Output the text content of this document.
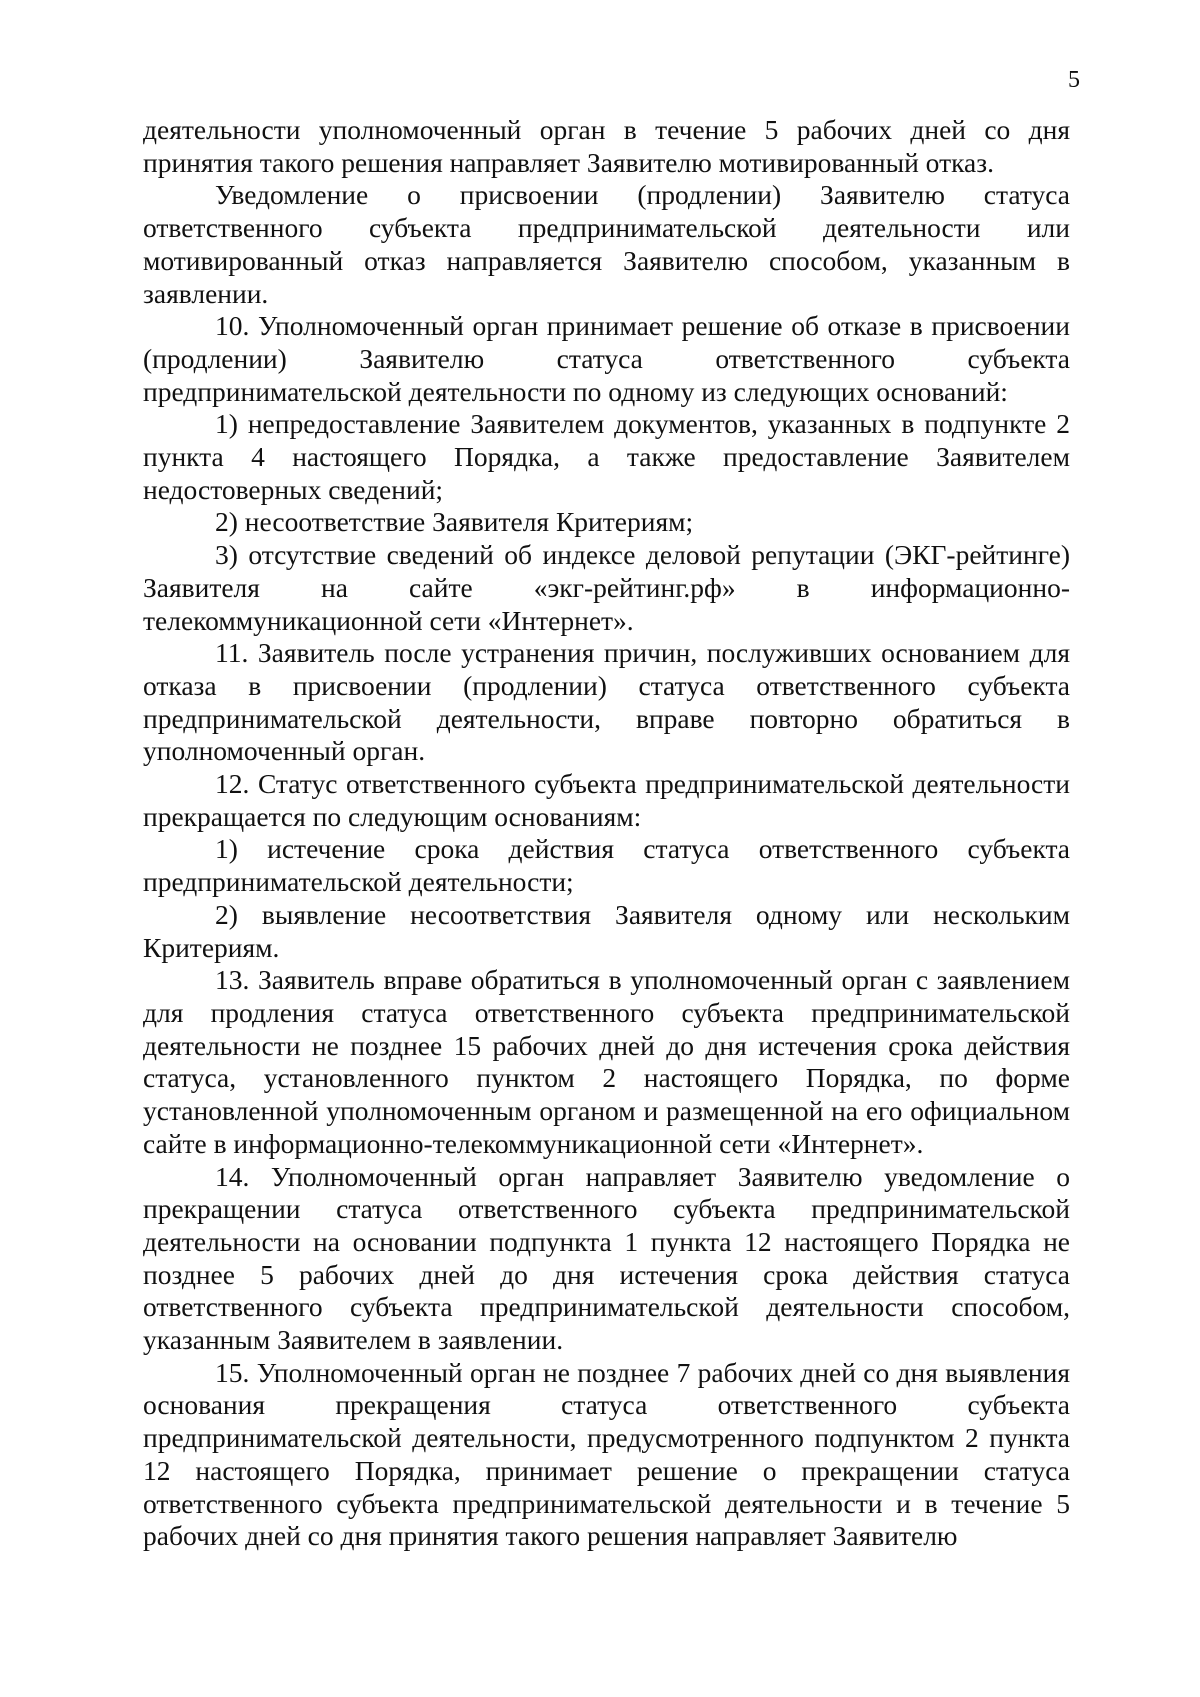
5

деятельности уполномоченный орган в течение 5 рабочих дней со дня принятия такого решения направляет Заявителю мотивированный отказ.

Уведомление о присвоении (продлении) Заявителю статуса ответственного субъекта предпринимательской деятельности или мотивированный отказ направляется Заявителю способом, указанным в заявлении.

10. Уполномоченный орган принимает решение об отказе в присвоении (продлении) Заявителю статуса ответственного субъекта предпринимательской деятельности по одному из следующих оснований:

1) непредоставление Заявителем документов, указанных в подпункте 2 пункта 4 настоящего Порядка, а также предоставление Заявителем недостоверных сведений;

2) несоответствие Заявителя Критериям;

3) отсутствие сведений об индексе деловой репутации (ЭКГ-рейтинге) Заявителя на сайте «экг-рейтинг.рф» в информационно-телекоммуникационной сети «Интернет».

11. Заявитель после устранения причин, послуживших основанием для отказа в присвоении (продлении) статуса ответственного субъекта предпринимательской деятельности, вправе повторно обратиться в уполномоченный орган.

12. Статус ответственного субъекта предпринимательской деятельности прекращается по следующим основаниям:

1) истечение срока действия статуса ответственного субъекта предпринимательской деятельности;

2) выявление несоответствия Заявителя одному или нескольким Критериям.

13. Заявитель вправе обратиться в уполномоченный орган с заявлением для продления статуса ответственного субъекта предпринимательской деятельности не позднее 15 рабочих дней до дня истечения срока действия статуса, установленного пунктом 2 настоящего Порядка, по форме установленной уполномоченным органом и размещенной на его официальном сайте в информационно-телекоммуникационной сети «Интернет».

14. Уполномоченный орган направляет Заявителю уведомление о прекращении статуса ответственного субъекта предпринимательской деятельности на основании подпункта 1 пункта 12 настоящего Порядка не позднее 5 рабочих дней до дня истечения срока действия статуса ответственного субъекта предпринимательской деятельности способом, указанным Заявителем в заявлении.

15. Уполномоченный орган не позднее 7 рабочих дней со дня выявления основания прекращения статуса ответственного субъекта предпринимательской деятельности, предусмотренного подпунктом 2 пункта 12 настоящего Порядка, принимает решение о прекращении статуса ответственного субъекта предпринимательской деятельности и в течение 5 рабочих дней со дня принятия такого решения направляет Заявителю
